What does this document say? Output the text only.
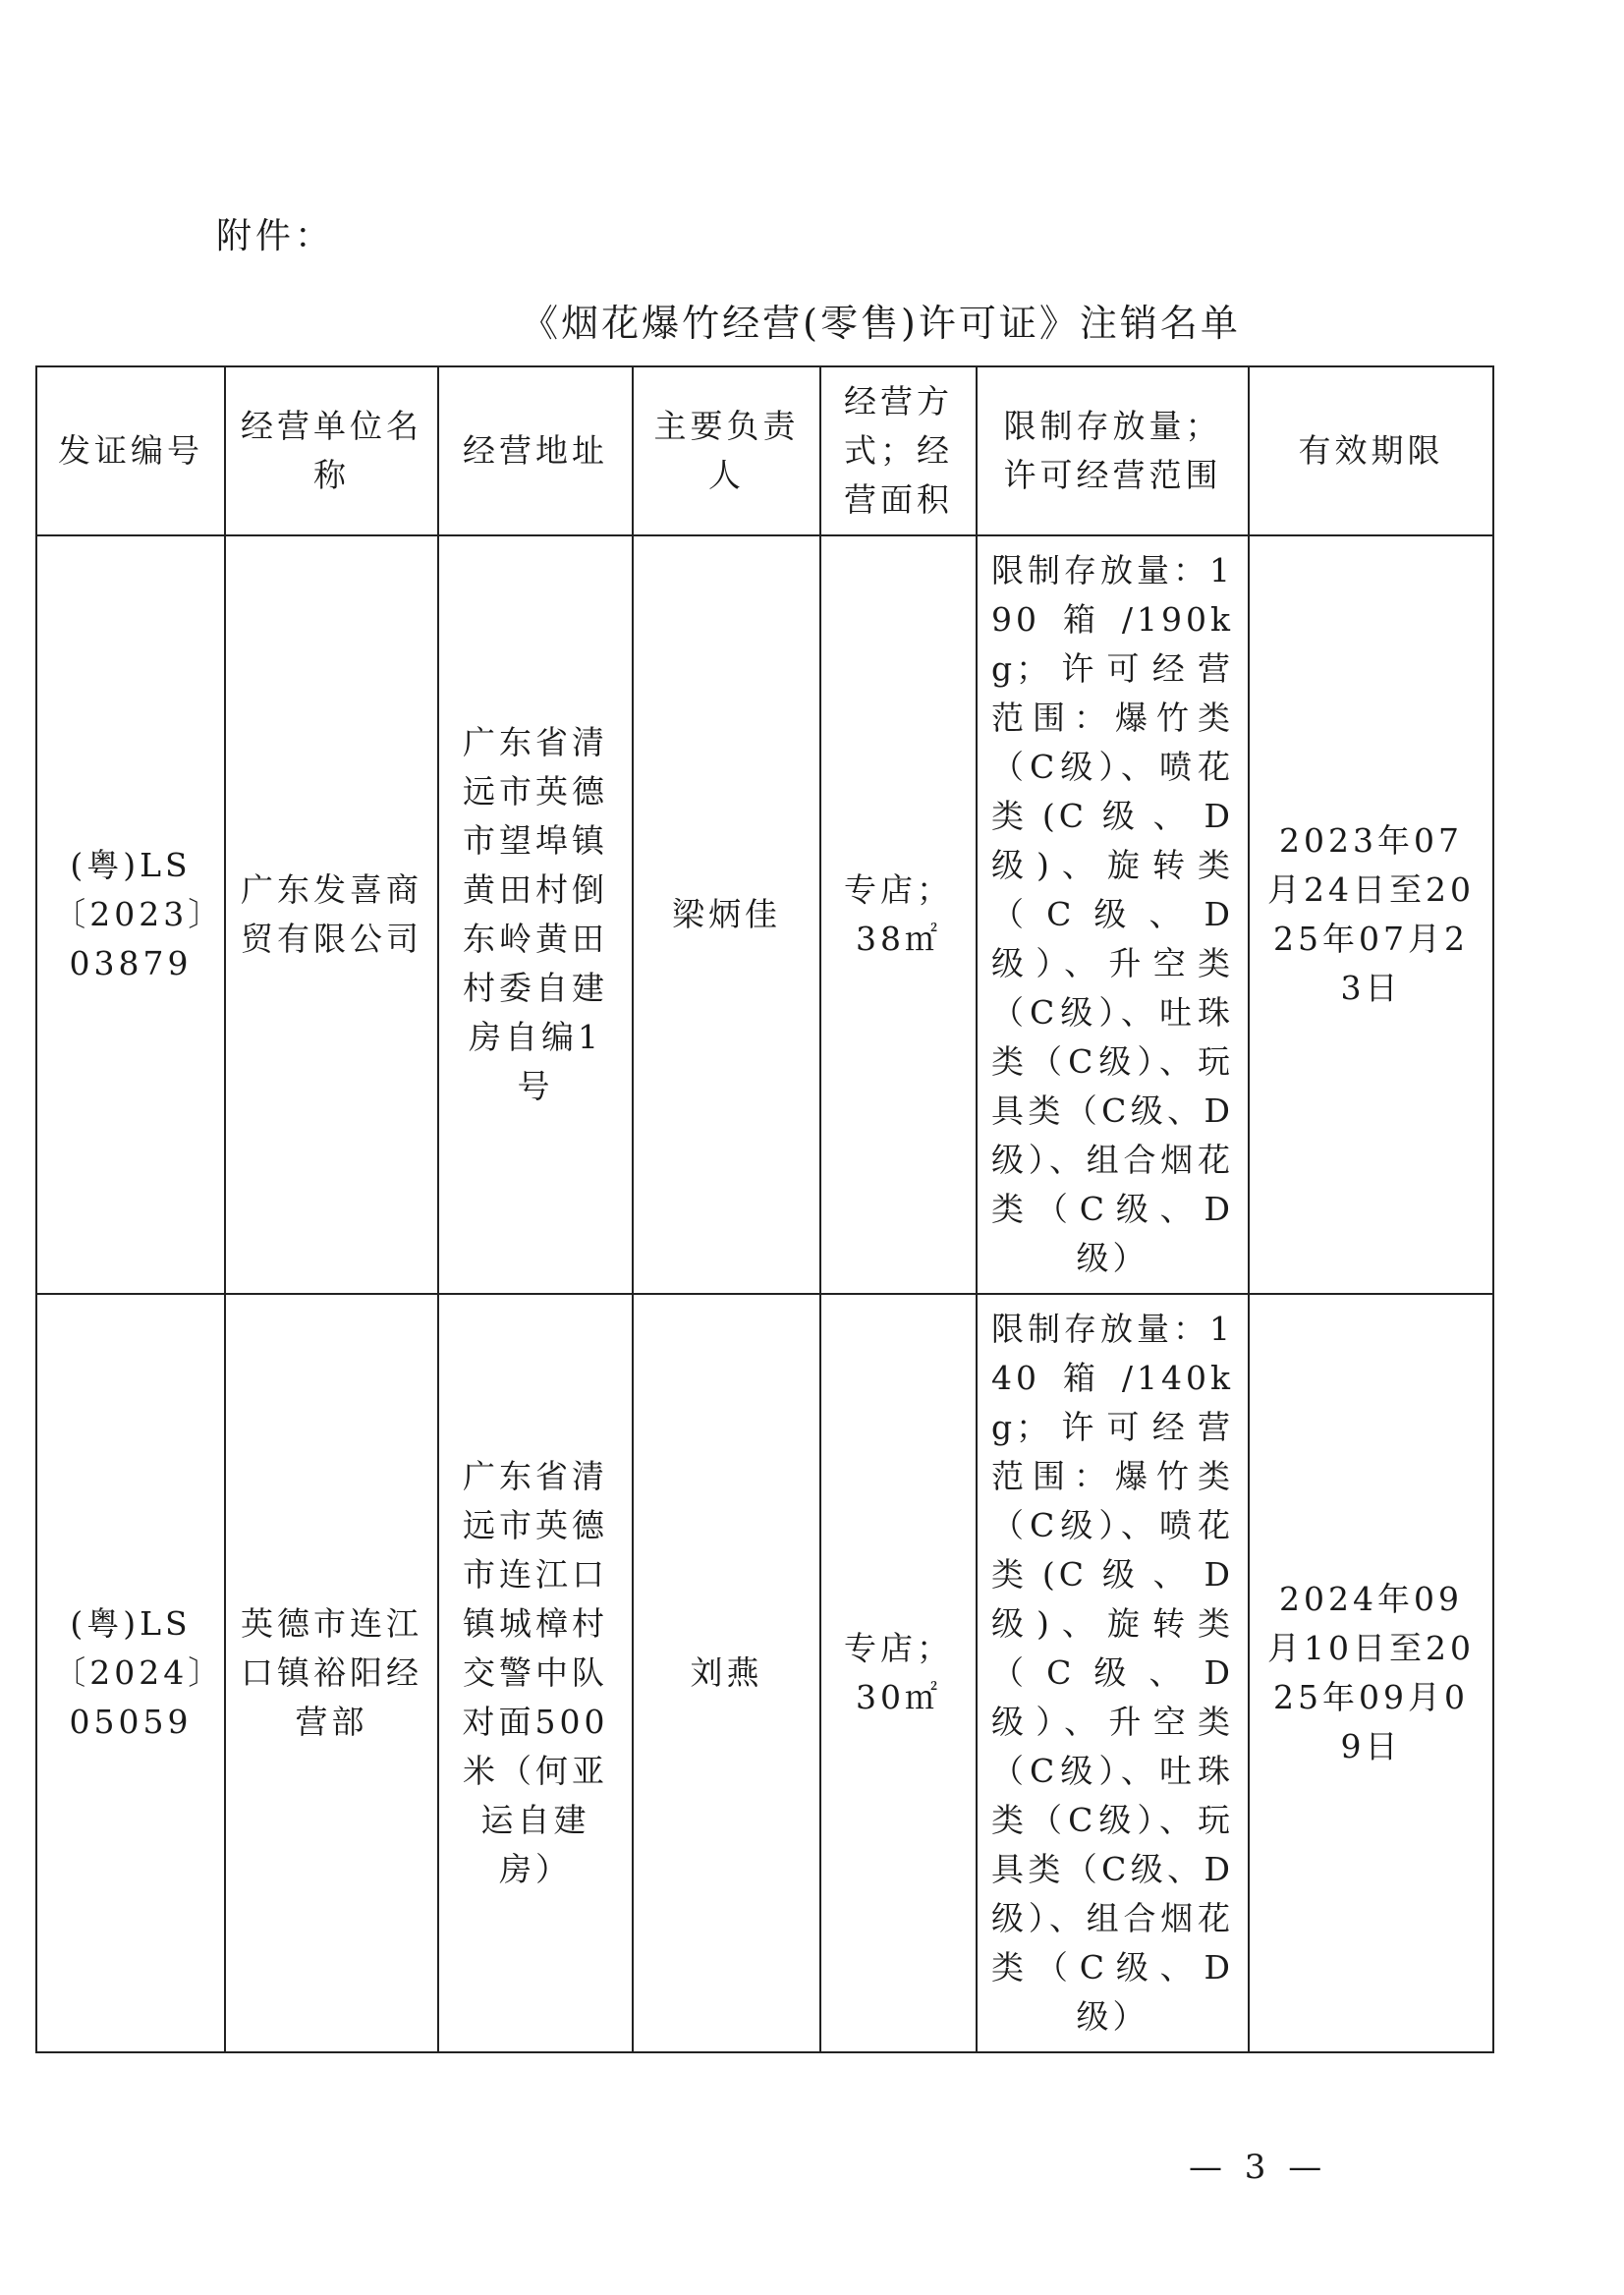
附件：
《烟花爆竹经营(零售)许可证》注销名单
发证编号	经营单位名称	经营地址	主要负责人	经营方式；经营面积	限制存放量；许可经营范围	有效期限
(粤)LS〔2023〕03879	广东发喜商贸有限公司	广东省清远市英德市望埠镇黄田村倒东岭黄田村委自建房自编1号	梁炳佳	专店；38㎡	限制存放量：190箱/190kg；许可经营范围：爆竹类（C级）、喷花类(C级、D级)、旋转类（C级、D级）、升空类（C级）、吐珠类（C级）、玩具类（C级、D级）、组合烟花类（C级、D级）	2023年07月24日至2025年07月23日
(粤)LS〔2024〕05059	英德市连江口镇裕阳经营部	广东省清远市英德市连江口镇城樟村交警中队对面500米（何亚运自建房）	刘燕	专店；30㎡	限制存放量：140箱/140kg；许可经营范围：爆竹类（C级）、喷花类(C级、D级)、旋转类（C级、D级）、升空类（C级）、吐珠类（C级）、玩具类（C级、D级）、组合烟花类（C级、D级）	2024年09月10日至2025年09月09日
— 3 —
